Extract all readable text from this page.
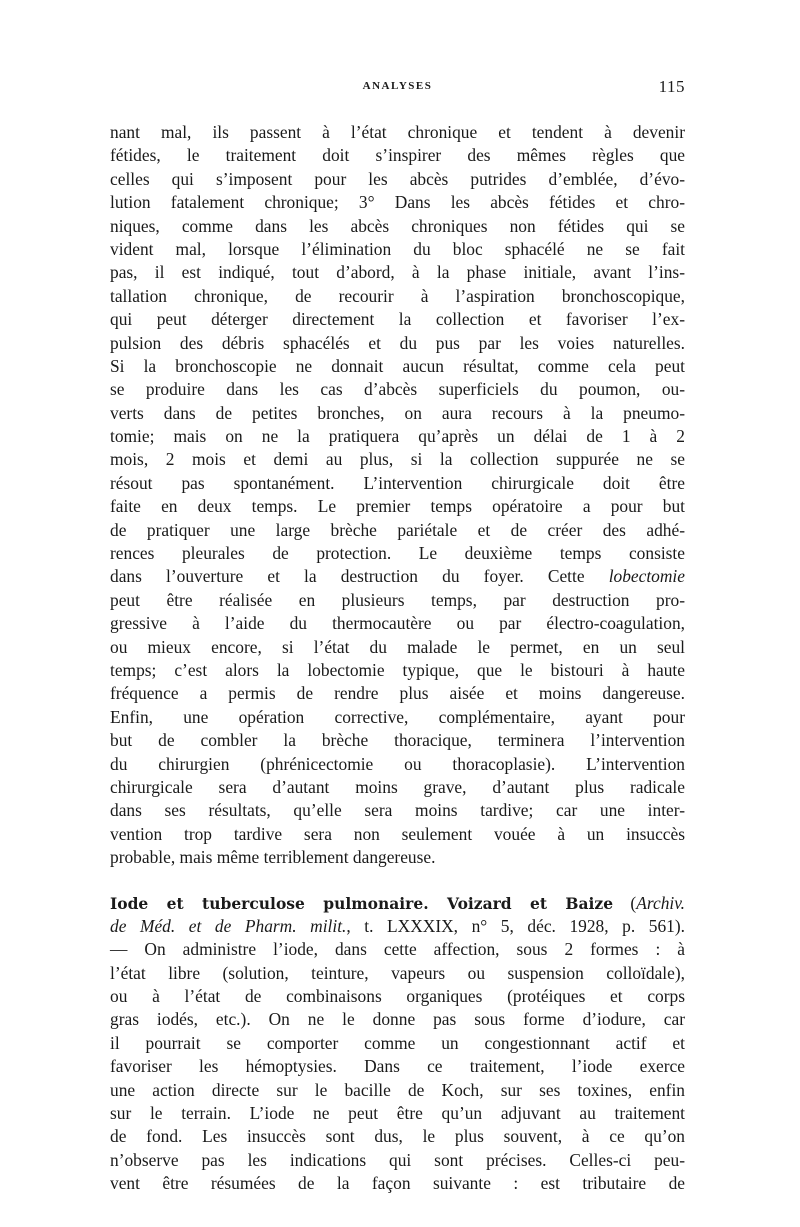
ANALYSES	115
nant mal, ils passent à l’état chronique et tendent à devenir
fétides, le traitement doit s’inspirer des mêmes règles que
celles qui s’imposent pour les abcès putrides d’emblée, d’évo-
lution fatalement chronique; 3° Dans les abcès fétides et chro-
niques, comme dans les abcès chroniques non fétides qui se
vident mal, lorsque l’élimination du bloc sphacélé ne se fait
pas, il est indiqué, tout d’abord, à la phase initiale, avant l’ins-
tallation chronique, de recourir à l’aspiration bronchoscopique,
qui peut déterger directement la collection et favoriser l’ex-
pulsion des débris sphacélés et du pus par les voies naturelles.
Si la bronchoscopie ne donnait aucun résultat, comme cela peut
se produire dans les cas d’abcès superficiels du poumon, ou-
verts dans de petites bronches, on aura recours à la pneumo-
tomie; mais on ne la pratiquera qu’après un délai de 1 à 2
mois, 2 mois et demi au plus, si la collection suppurée ne se
résout pas spontanément. L’intervention chirurgicale doit être
faite en deux temps. Le premier temps opératoire a pour but
de pratiquer une large brèche pariétale et de créer des adhé-
rences pleurales de protection. Le deuxième temps consiste
dans l’ouverture et la destruction du foyer. Cette lobectomie
peut être réalisée en plusieurs temps, par destruction pro-
gressive à l’aide du thermocautère ou par électro-coagulation,
ou mieux encore, si l’état du malade le permet, en un seul
temps; c’est alors la lobectomie typique, que le bistouri à haute
fréquence a permis de rendre plus aisée et moins dangereuse.
Enfin, une opération corrective, complémentaire, ayant pour
but de combler la brèche thoracique, terminera l’intervention
du chirurgien (phrénicectomie ou thoracoplasie). L’intervention
chirurgicale sera d’autant moins grave, d’autant plus radicale
dans ses résultats, qu’elle sera moins tardive; car une inter-
vention trop tardive sera non seulement vouée à un insuccès
probable, mais même terriblement dangereuse.
Iode et tuberculose pulmonaire. Voizard et Baize (Archiv.
de Méd. et de Pharm. milit., t. LXXXIX, n° 5, déc. 1928, p. 561).
— On administre l’iode, dans cette affection, sous 2 formes : à
l’état libre (solution, teinture, vapeurs ou suspension colloïdale),
ou à l’état de combinaisons organiques (protéiques et corps
gras iodés, etc.). On ne le donne pas sous forme d’iodure, car
il pourrait se comporter comme un congestionnant actif et
favoriser les hémoptysies. Dans ce traitement, l’iode exerce
une action directe sur le bacille de Koch, sur ses toxines, enfin
sur le terrain. L’iode ne peut être qu’un adjuvant au traitement
de fond. Les insuccès sont dus, le plus souvent, à ce qu’on
n’observe pas les indications qui sont précises. Celles-ci peu-
vent être résumées de la façon suivante : est tributaire de
